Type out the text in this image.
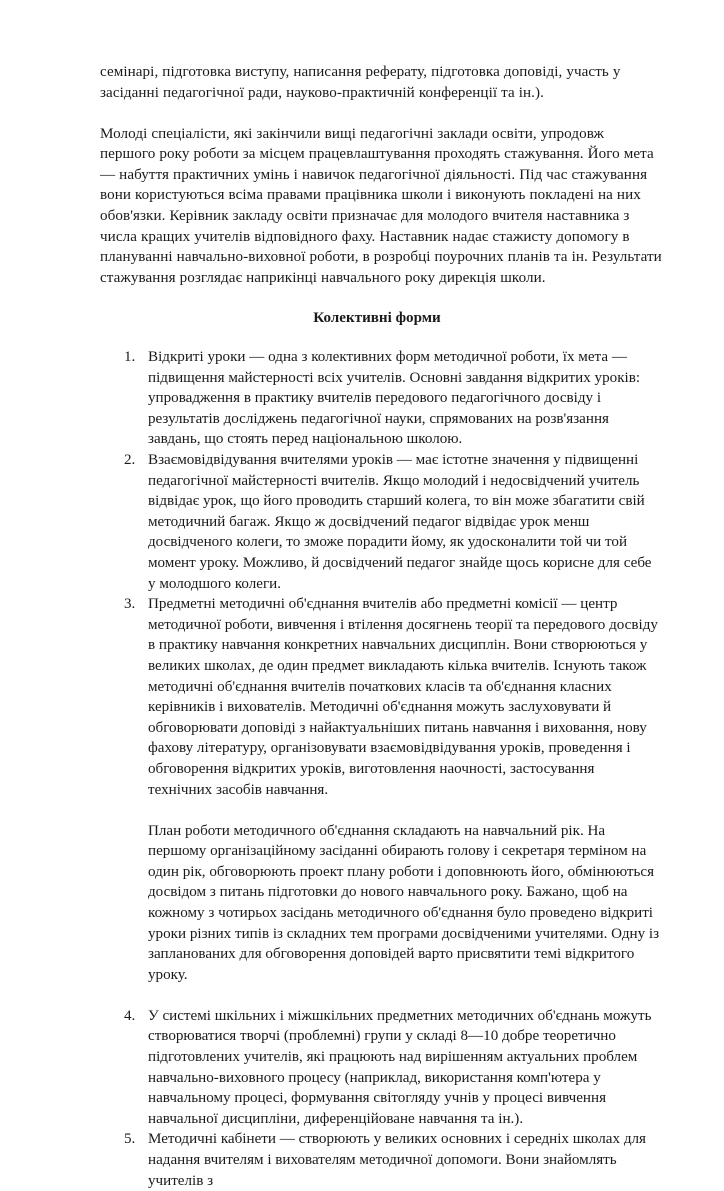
семінарі, підготовка виступу, написання реферату, підготовка доповіді, участь у засіданні педагогічної ради, науково-практичній конференції та ін.).

Молоді спеціалісти, які закінчили вищі педагогічні заклади освіти, упродовж першого року роботи за місцем працевлаштування проходять стажування. Його мета — набуття практичних умінь і навичок педагогічної діяльності. Під час стажування вони користуються всіма правами працівника школи і виконують покладені на них обов'язки. Керівник закладу освіти призначає для молодого вчителя наставника з числа кращих учителів відповідного фаху. Наставник надає стажисту допомогу в плануванні навчально-виховної роботи, в розробці поурочних планів та ін. Результати стажування розглядає наприкінці навчального року дирекція школи.

Колективні форми
1. Відкриті уроки — одна з колективних форм методичної роботи, їх мета — підвищення майстерності всіх учителів. Основні завдання відкритих уроків: упровадження в практику вчителів передового педагогічного досвіду і результатів досліджень педагогічної науки, спрямованих на розв'язання завдань, що стоять перед національною школою.
2. Взаємовідвідування вчителями уроків — має істотне значення у підвищенні педагогічної майстерності вчителів. Якщо молодий і недосвідчений учитель відвідає урок, що його проводить старший колега, то він може збагатити свій методичний багаж. Якщо ж досвідчений педагог відвідає урок менш досвідченого колеги, то зможе порадити йому, як удосконалити той чи той момент уроку. Можливо, й досвідчений педагог знайде щось корисне для себе у молодшого колеги.
3. Предметні методичні об'єднання вчителів або предметні комісії — центр методичної роботи, вивчення і втілення досягнень теорії та передового досвіду в практику навчання конкретних навчальних дисциплін. Вони створюються у великих школах, де один предмет викладають кілька вчителів. Існують також методичні об'єднання вчителів початкових класів та об'єднання класних керівників і вихователів. Методичні об'єднання можуть заслуховувати й обговорювати доповіді з найактуальніших питань навчання і виховання, нову фахову літературу, організовувати взаємовідвідування уроків, проведення і обговорення відкритих уроків, виготовлення наочності, застосування технічних засобів навчання.

План роботи методичного об'єднання складають на навчальний рік. На першому організаційному засіданні обирають голову і секретаря терміном на один рік, обговорюють проект плану роботи і доповнюють його, обмінюються досвідом з питань підготовки до нового навчального року. Бажано, щоб на кожному з чотирьох засідань методичного об'єднання було проведено відкриті уроки різних типів із складних тем програми досвідченими учителями. Одну із запланованих для обговорення доповідей варто присвятити темі відкритого уроку.

4. У системі шкільних і міжшкільних предметних методичних об'єднань можуть створюватися творчі (проблемні) групи у складі 8—10 добре теоретично підготовлених учителів, які працюють над вирішенням актуальних проблем навчально-виховного процесу (наприклад, використання комп'ютера у навчальному процесі, формування світогляду учнів у процесі вивчення навчальної дисципліни, диференційоване навчання та ін.).
5. Методичні кабінети — створюють у великих основних і середніх школах для надання вчителям і вихователям методичної допомоги. Вони знайомлять учителів з
